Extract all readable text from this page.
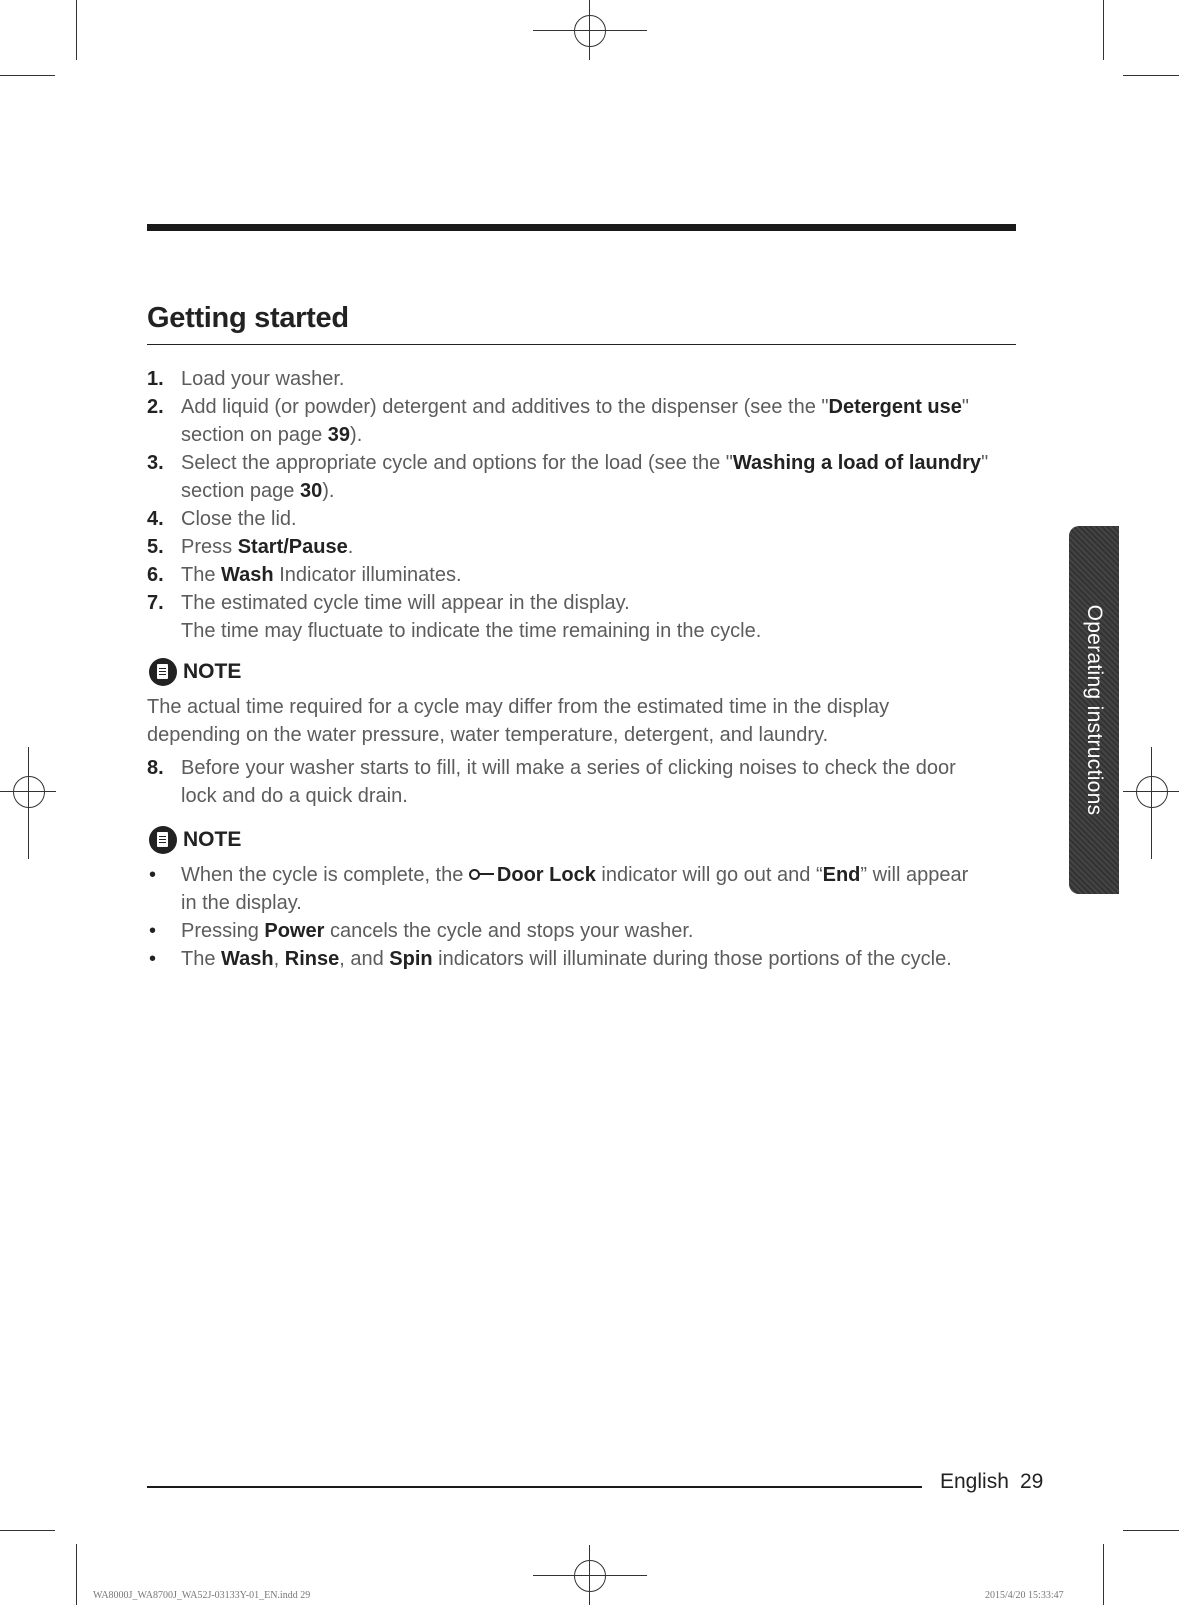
Getting started
1. Load your washer.
2. Add liquid (or powder) detergent and additives to the dispenser (see the "Detergent use"
section on page 39).
3. Select the appropriate cycle and options for the load (see the "Washing a load of laundry"
section page 30).
4. Close the lid.
5. Press Start/Pause.
6. The Wash Indicator illuminates.
7. The estimated cycle time will appear in the display.
The time may fluctuate to indicate the time remaining in the cycle.
NOTE
The actual time required for a cycle may differ from the estimated time in the display
depending on the water pressure, water temperature, detergent, and laundry.
8. Before your washer starts to fill, it will make a series of clicking noises to check the door
lock and do a quick drain.
NOTE
• When the cycle is complete, the Door Lock indicator will go out and “End” will appear
in the display.
• Pressing Power cancels the cycle and stops your washer.
• The Wash, Rinse, and Spin indicators will illuminate during those portions of the cycle.
Operating instructions
English 29
WA8000J_WA8700J_WA52J-03133Y-01_EN.indd 29	2015/4/20 15:33:47
